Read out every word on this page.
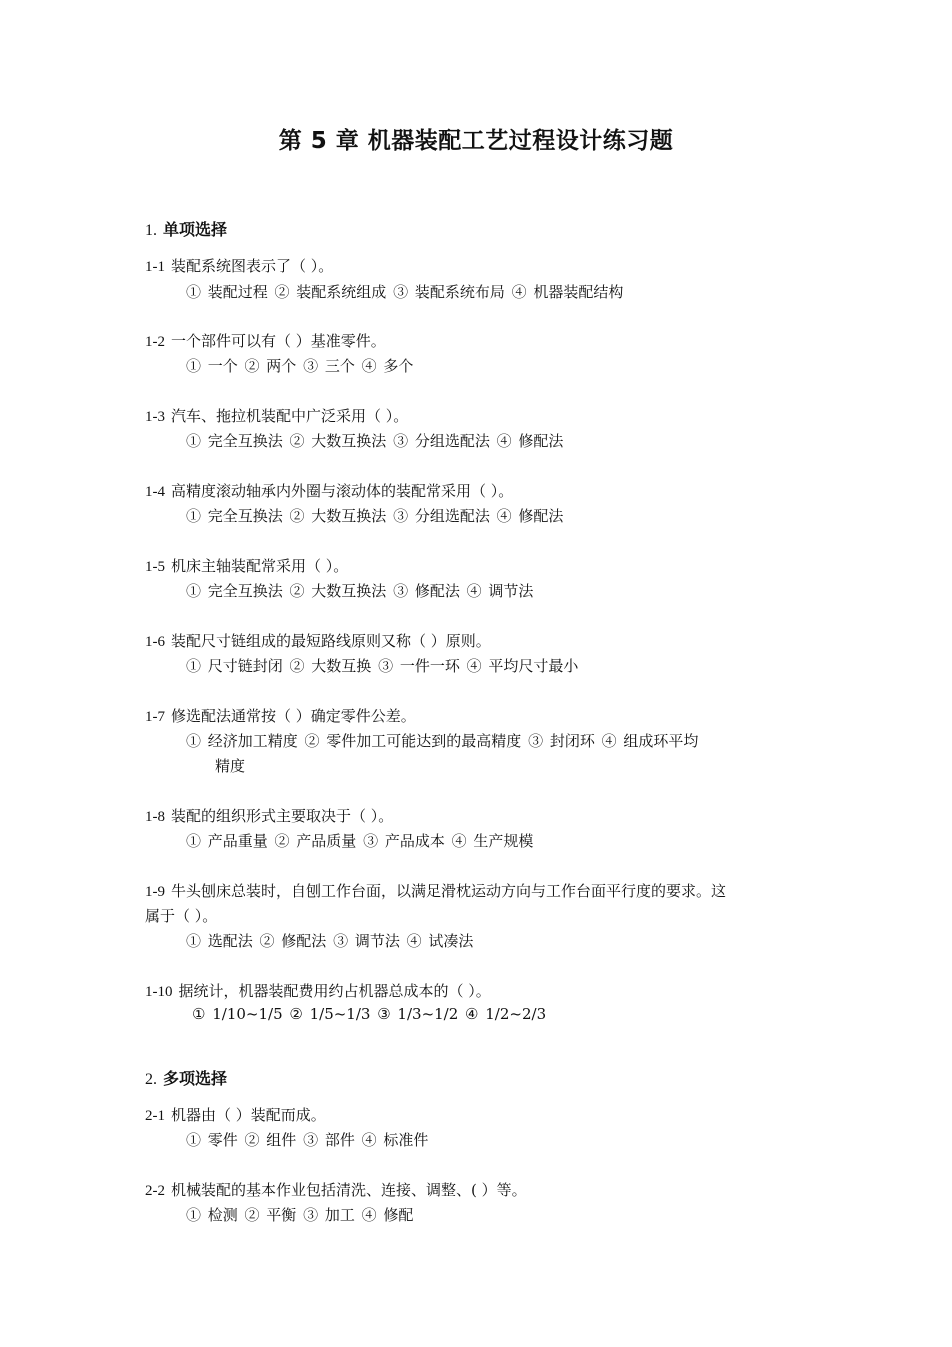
第 5 章 机器装配工艺过程设计练习题
1. 单项选择
1-1 装配系统图表示了（ ）。
① 装配过程 ② 装配系统组成 ③ 装配系统布局 ④ 机器装配结构
1-2 一个部件可以有（ ）基准零件。
① 一个 ② 两个 ③ 三个 ④ 多个
1-3 汽车、拖拉机装配中广泛采用（ ）。
① 完全互换法 ② 大数互换法 ③ 分组选配法 ④ 修配法
1-4 高精度滚动轴承内外圈与滚动体的装配常采用（ ）。
① 完全互换法 ② 大数互换法 ③ 分组选配法 ④ 修配法
1-5 机床主轴装配常采用（ ）。
① 完全互换法 ② 大数互换法 ③ 修配法 ④ 调节法
1-6 装配尺寸链组成的最短路线原则又称（ ）原则。
① 尺寸链封闭 ② 大数互换 ③ 一件一环 ④ 平均尺寸最小
1-7 修选配法通常按（ ）确定零件公差。
① 经济加工精度 ② 零件加工可能达到的最高精度 ③ 封闭环 ④ 组成环平均
精度
1-8 装配的组织形式主要取决于（ ）。
① 产品重量 ② 产品质量 ③ 产品成本 ④ 生产规模
1-9 牛头刨床总装时，自刨工作台面，以满足滑枕运动方向与工作台面平行度的要求。这
属于（ ）。
① 选配法 ② 修配法 ③ 调节法 ④ 试凑法
1-10 据统计，机器装配费用约占机器总成本的（ ）。
① 1/10~1/5 ② 1/5~1/3 ③ 1/3~1/2 ④ 1/2~2/3
2. 多项选择
2-1 机器由（ ）装配而成。
① 零件 ② 组件 ③ 部件 ④ 标准件
2-2 机械装配的基本作业包括清洗、连接、调整、( ）等。
① 检测 ② 平衡 ③ 加工 ④ 修配
